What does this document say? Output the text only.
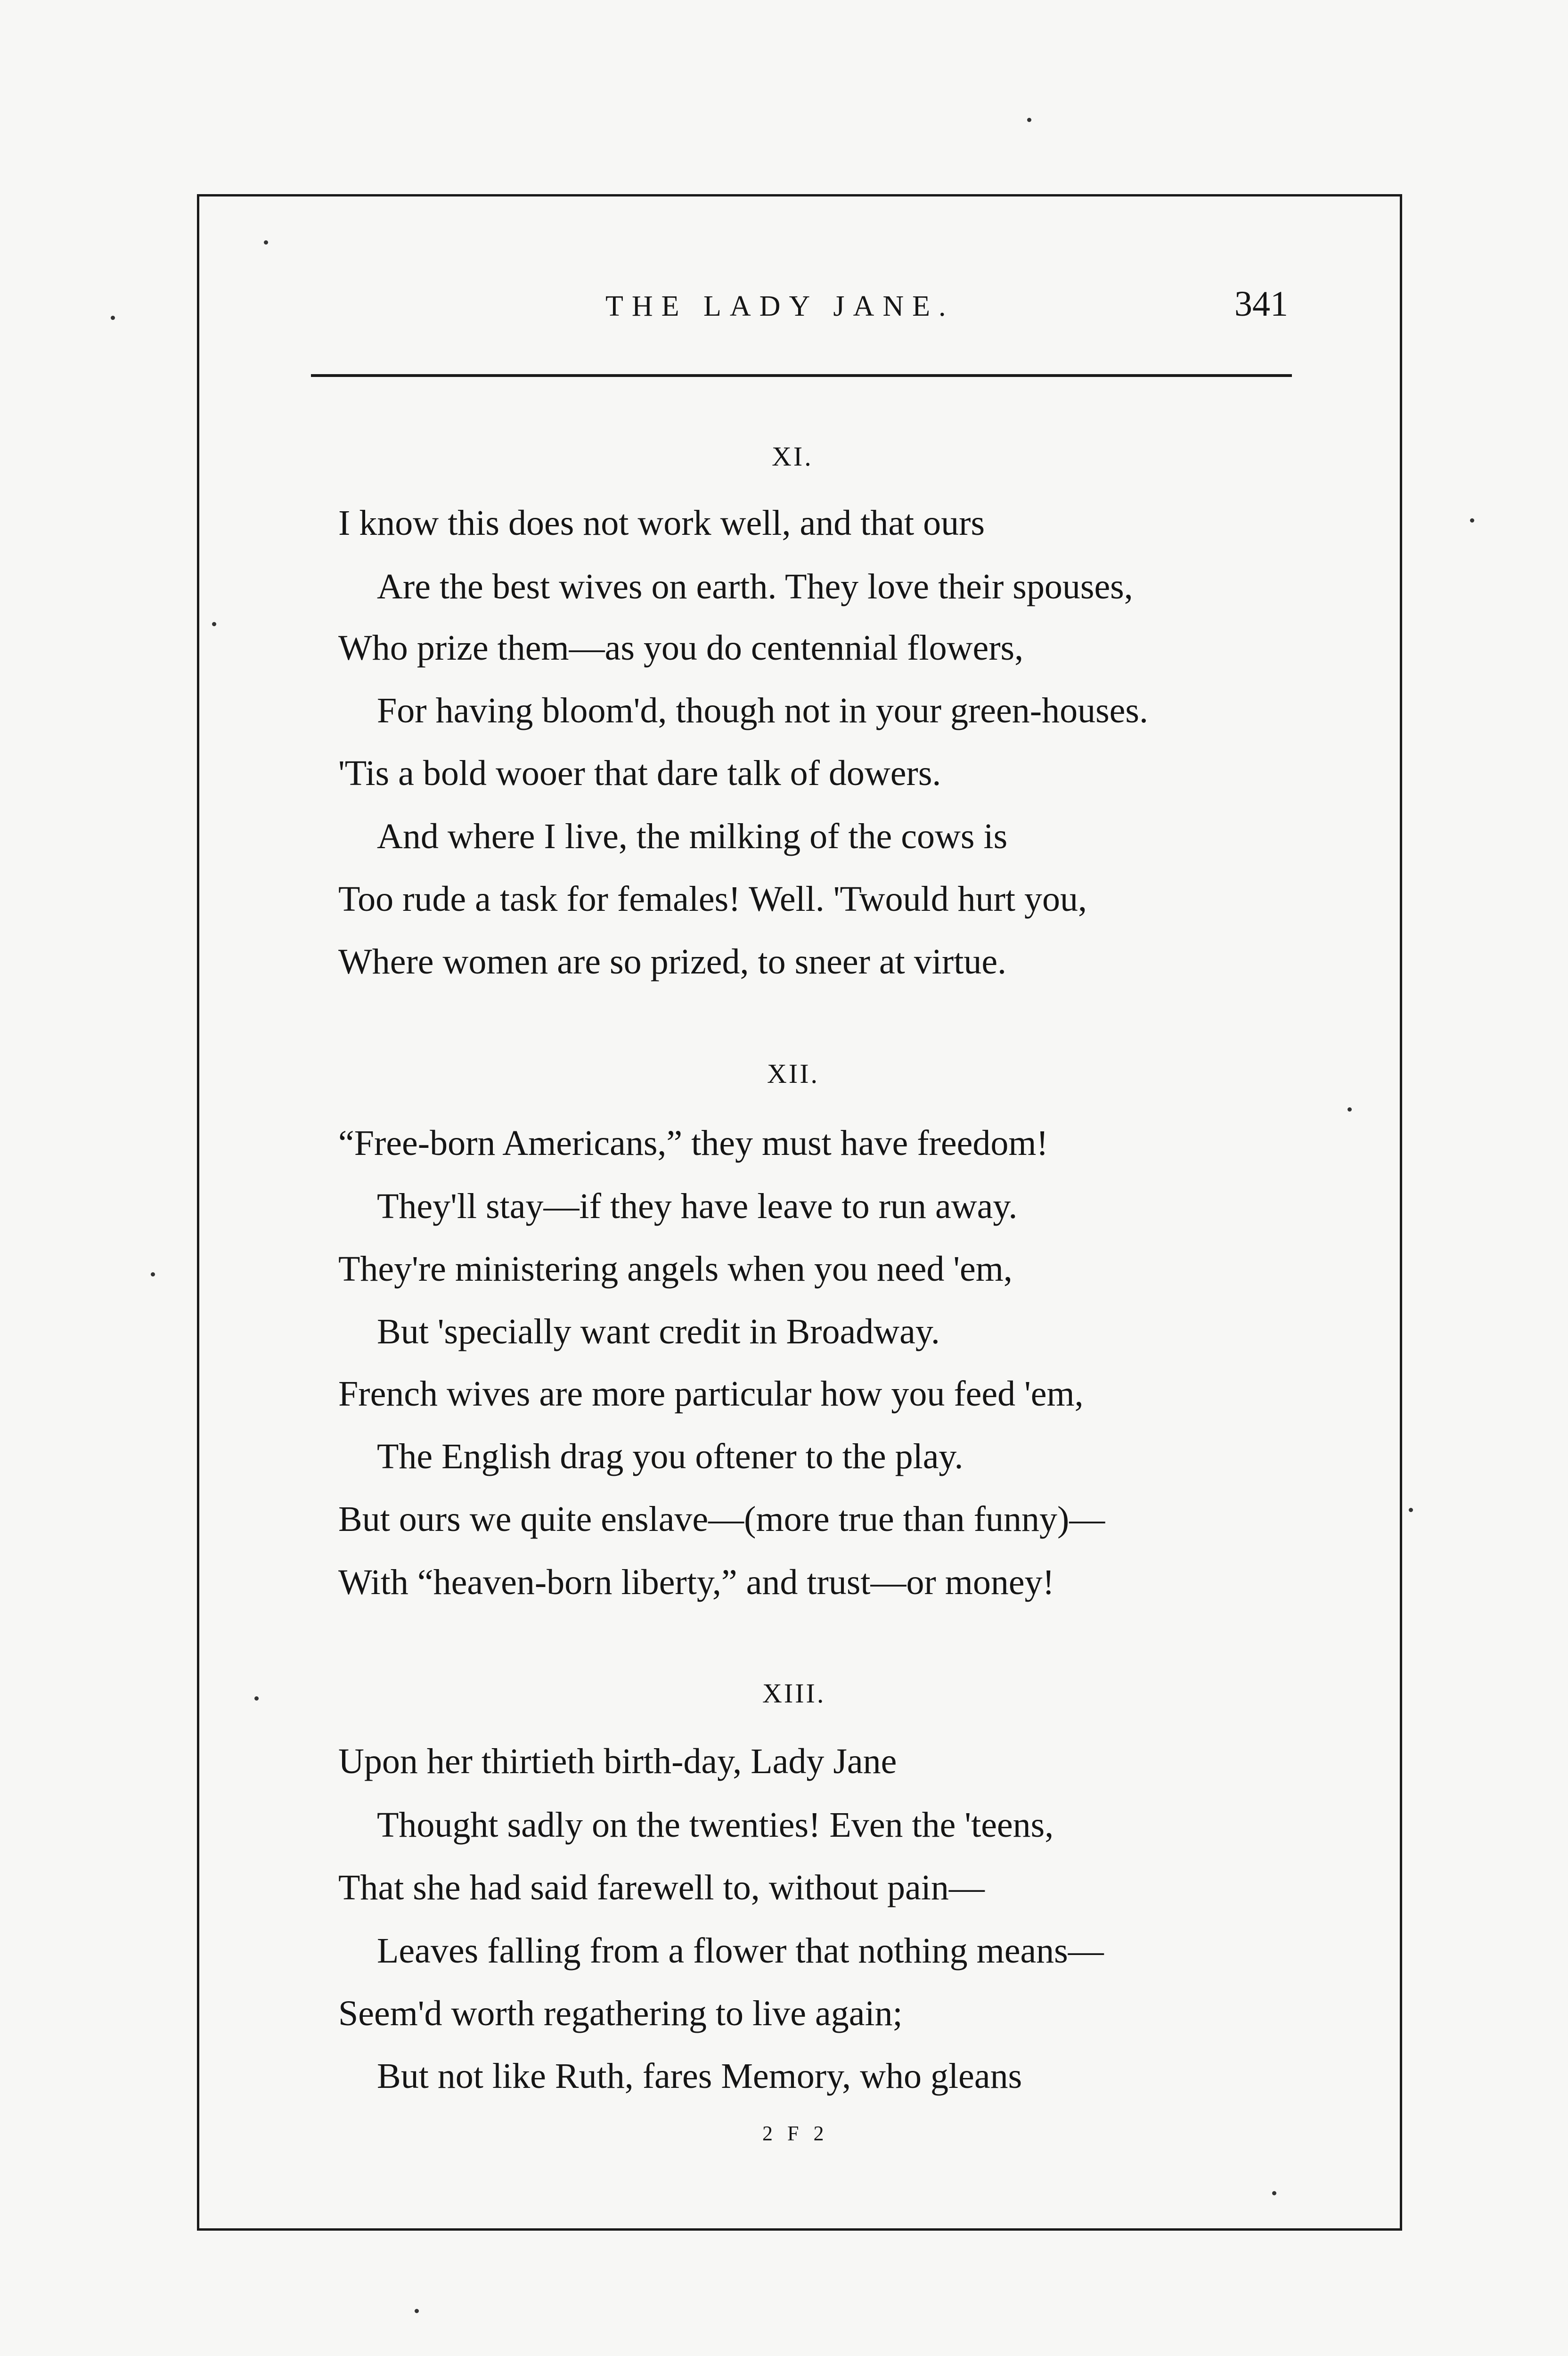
THE LADY JANE.	341
XI.
I know this does not work well, and that ours
Are the best wives on earth. They love their spouses,
Who prize them—as you do centennial flowers,
For having bloom'd, though not in your green-houses.
'Tis a bold wooer that dare talk of dowers.
And where I live, the milking of the cows is
Too rude a task for females! Well. 'Twould hurt you,
Where women are so prized, to sneer at virtue.
XII.
“Free-born Americans,” they must have freedom!
They'll stay—if they have leave to run away.
They're ministering angels when you need 'em,
But 'specially want credit in Broadway.
French wives are more particular how you feed 'em,
The English drag you oftener to the play.
But ours we quite enslave—(more true than funny)—
With “heaven-born liberty,” and trust—or money!
XIII.
Upon her thirtieth birth-day, Lady Jane
Thought sadly on the twenties! Even the 'teens,
That she had said farewell to, without pain—
Leaves falling from a flower that nothing means—
Seem'd worth regathering to live again;
But not like Ruth, fares Memory, who gleans
2 F 2
